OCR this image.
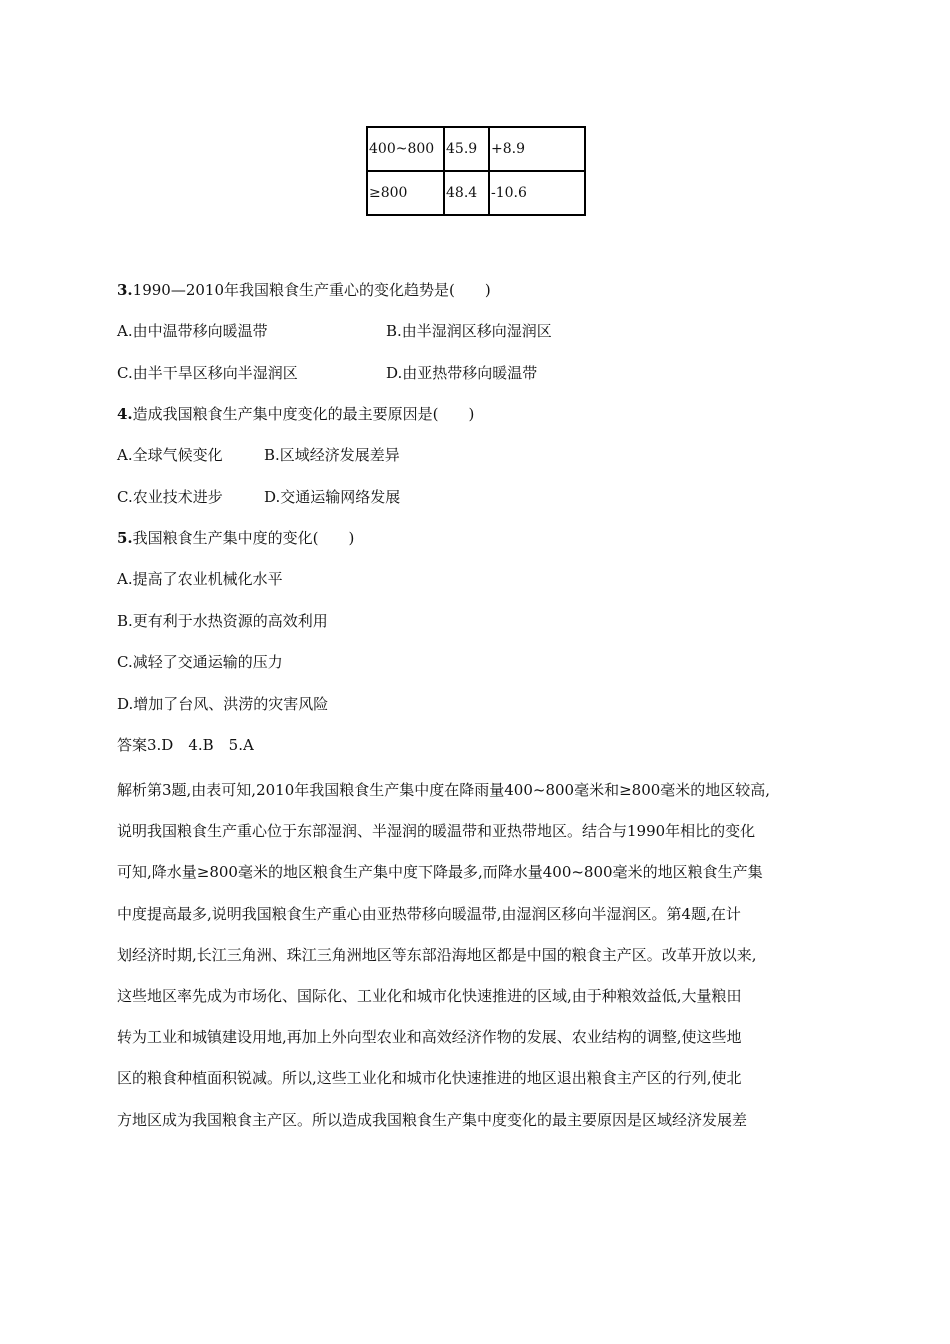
400~800	45.9	+8.9
≥800	48.4	-10.6
3.1990—2010年我国粮食生产重心的变化趋势是(　　)
A.由中温带移向暖温带	B.由半湿润区移向湿润区
C.由半干旱区移向半湿润区	D.由亚热带移向暖温带
4.造成我国粮食生产集中度变化的最主要原因是(　　)
A.全球气候变化	B.区域经济发展差异
C.农业技术进步	D.交通运输网络发展
5.我国粮食生产集中度的变化(　　)
A.提高了农业机械化水平
B.更有利于水热资源的高效利用
C.减轻了交通运输的压力
D.增加了台风、洪涝的灾害风险
答案3.D　4.B　5.A
解析第3题,由表可知,2010年我国粮食生产集中度在降雨量400~800毫米和≥800毫米的地区较高,
说明我国粮食生产重心位于东部湿润、半湿润的暖温带和亚热带地区。结合与1990年相比的变化
可知,降水量≥800毫米的地区粮食生产集中度下降最多,而降水量400~800毫米的地区粮食生产集
中度提高最多,说明我国粮食生产重心由亚热带移向暖温带,由湿润区移向半湿润区。第4题,在计
划经济时期,长江三角洲、珠江三角洲地区等东部沿海地区都是中国的粮食主产区。改革开放以来,
这些地区率先成为市场化、国际化、工业化和城市化快速推进的区域,由于种粮效益低,大量粮田
转为工业和城镇建设用地,再加上外向型农业和高效经济作物的发展、农业结构的调整,使这些地
区的粮食种植面积锐减。所以,这些工业化和城市化快速推进的地区退出粮食主产区的行列,使北
方地区成为我国粮食主产区。所以造成我国粮食生产集中度变化的最主要原因是区域经济发展差
